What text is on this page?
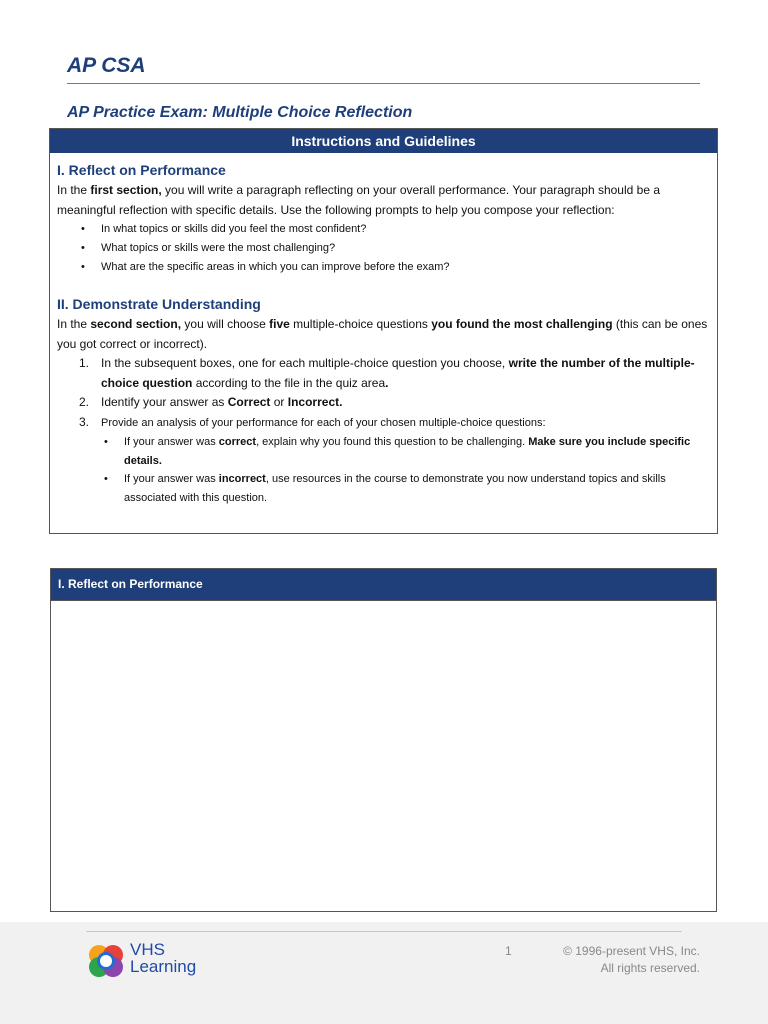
AP CSA
AP Practice Exam: Multiple Choice Reflection
Instructions and Guidelines
I. Reflect on Performance

In the first section, you will write a paragraph reflecting on your overall performance. Your paragraph should be a meaningful reflection with specific details. Use the following prompts to help you compose your reflection:

• In what topics or skills did you feel the most confident?
• What topics or skills were the most challenging?
• What are the specific areas in which you can improve before the exam?
II. Demonstrate Understanding

In the second section, you will choose five multiple-choice questions you found the most challenging (this can be ones you got correct or incorrect).

1. In the subsequent boxes, one for each multiple-choice question you choose, write the number of the multiple-choice question according to the file in the quiz area.
2. Identify your answer as Correct or Incorrect.
3. Provide an analysis of your performance for each of your chosen multiple-choice questions:
• If your answer was correct, explain why you found this question to be challenging. Make sure you include specific details.
• If your answer was incorrect, use resources in the course to demonstrate you now understand topics and skills associated with this question.
I. Reflect on Performance
VHS
Learning
1	© 1996-present VHS, Inc.
All rights reserved.
